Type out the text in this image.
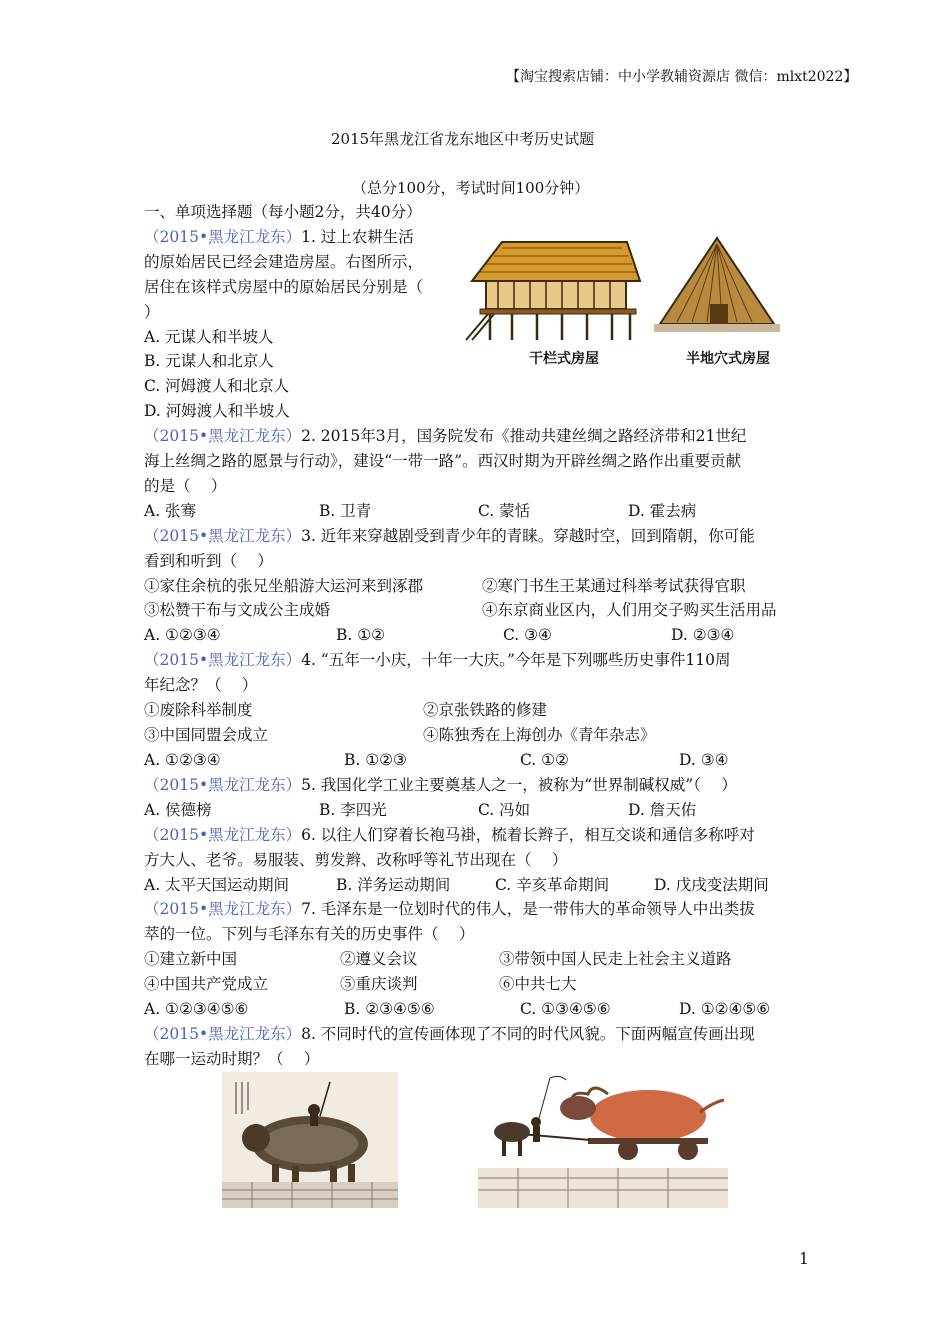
【淘宝搜索店铺：中小学教辅资源店 微信：mlxt2022】
2015年黑龙江省龙东地区中考历史试题
（总分100分，考试时间100分钟）
一、单项选择题（每小题2分，共40分）
（2015•黑龙江龙东）1. 过上农耕生活
的原始居民已经会建造房屋。右图所示，
居住在该样式房屋中的原始居民分别是（
）
A. 元谋人和半坡人
B. 元谋人和北京人
C. 河姆渡人和北京人
D. 河姆渡人和半坡人
干栏式房屋	半地穴式房屋
（2015•黑龙江龙东）2. 2015年3月，国务院发布《推动共建丝绸之路经济带和21世纪
海上丝绸之路的愿景与行动》，建设“一带一路”。西汉时期为开辟丝绸之路作出重要贡献
的是（　 ）
A. 张骞	B. 卫青	C. 蒙恬	D. 霍去病
（2015•黑龙江龙东）3. 近年来穿越剧受到青少年的青睐。穿越时空，回到隋朝，你可能
看到和听到（　 ）
①家住余杭的张兄坐船游大运河来到涿郡	②寒门书生王某通过科举考试获得官职
③松赞干布与文成公主成婚	④东京商业区内，人们用交子购买生活用品
A. ①②③④	B. ①②	C. ③④	D. ②③④
（2015•黑龙江龙东）4. “五年一小庆，十年一大庆。”今年是下列哪些历史事件110周
年纪念？（　 ）
①废除科举制度	②京张铁路的修建
③中国同盟会成立	④陈独秀在上海创办《青年杂志》
A. ①②③④	B. ①②③	C. ①②	D. ③④
（2015•黑龙江龙东）5. 我国化学工业主要奠基人之一，被称为“世界制碱权威”（　 ）
A. 侯德榜	B. 李四光	C. 冯如	D. 詹天佑
（2015•黑龙江龙东）6. 以往人们穿着长袍马褂，梳着长辫子，相互交谈和通信多称呼对
方大人、老爷。易服装、剪发辫、改称呼等礼节出现在（　 ）
A. 太平天国运动期间	B. 洋务运动期间	C. 辛亥革命期间	D. 戊戌变法期间
（2015•黑龙江龙东）7. 毛泽东是一位划时代的伟人，是一带伟大的革命领导人中出类拔
萃的一位。下列与毛泽东有关的历史事件（　 ）
①建立新中国	②遵义会议	③带领中国人民走上社会主义道路
④中国共产党成立	⑤重庆谈判	⑥中共七大
A. ①②③④⑤⑥	B. ②③④⑤⑥	C. ①③④⑤⑥	D. ①②④⑤⑥
（2015•黑龙江龙东）8. 不同时代的宣传画体现了不同的时代风貌。下面两幅宣传画出现
在哪一运动时期？（　 ）
1
